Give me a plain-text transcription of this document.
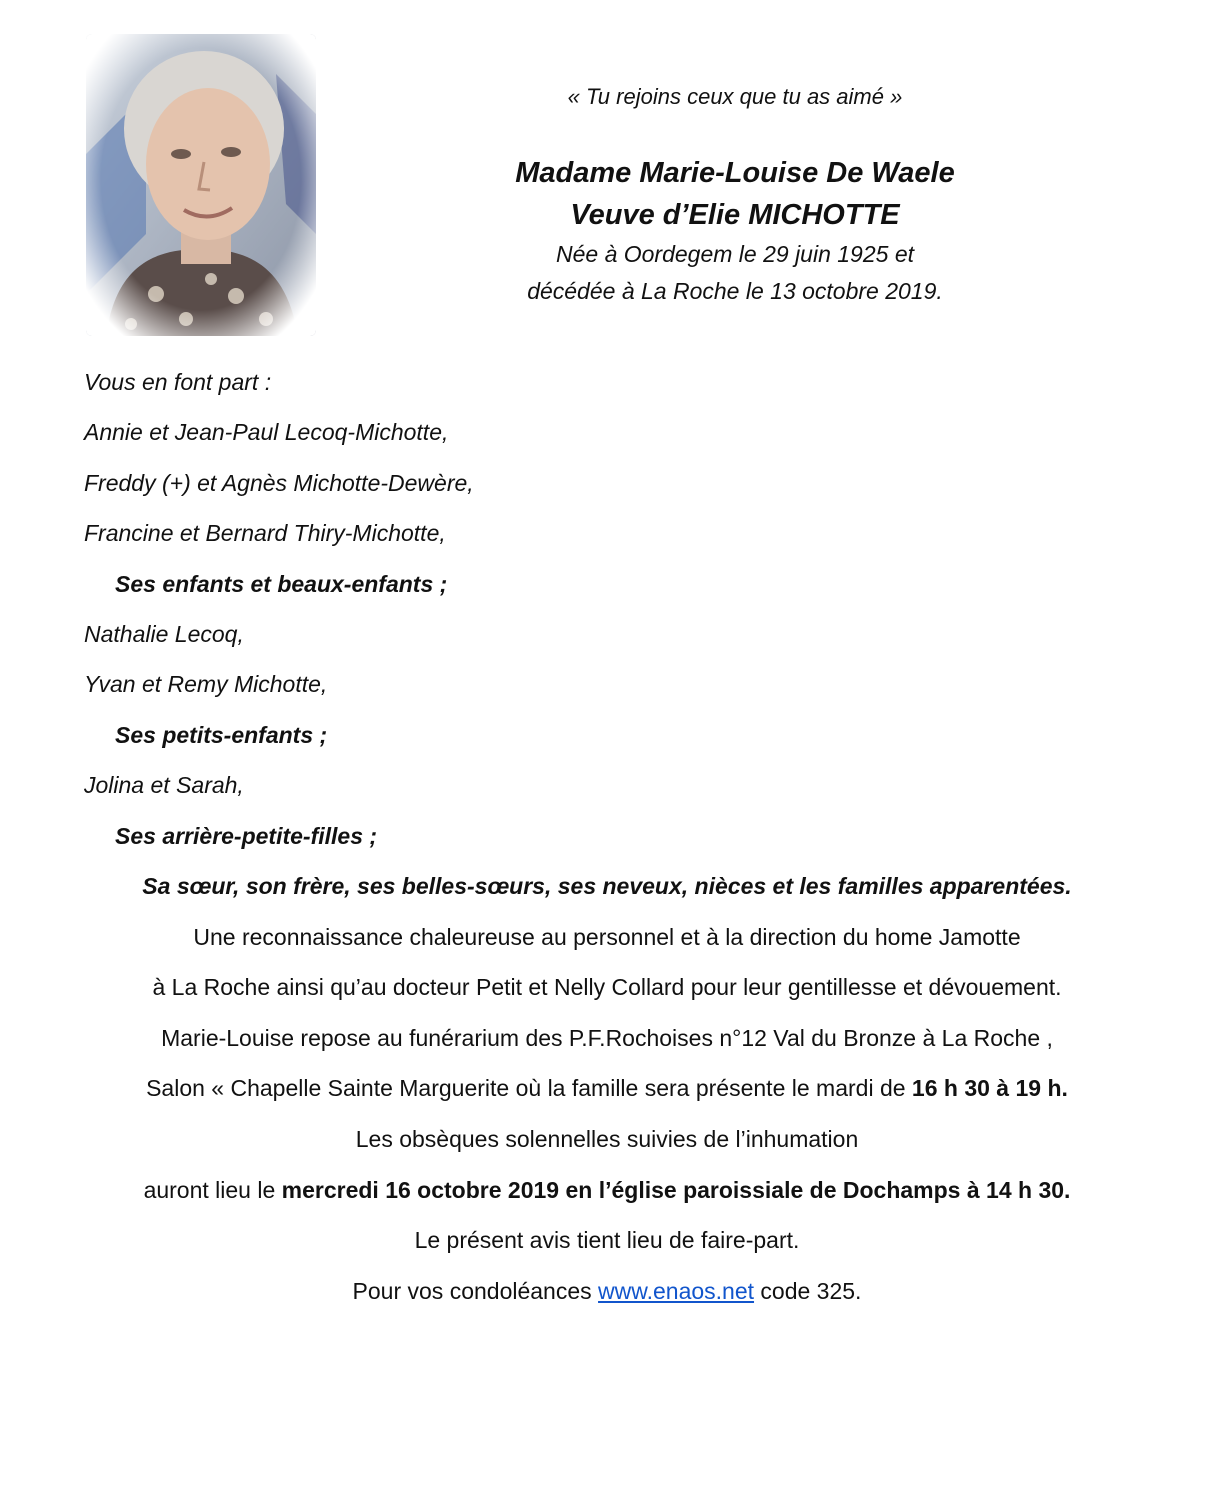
« Tu rejoins ceux que tu as aimé »
Madame Marie-Louise De Waele
Veuve d’Elie MICHOTTE
Née à Oordegem le 29 juin 1925 et
décédée à La Roche le 13 octobre 2019.
Vous en font part :
Annie et Jean-Paul Lecoq-Michotte,
Freddy (+) et Agnès Michotte-Dewère,
Francine et Bernard Thiry-Michotte,
Ses enfants et beaux-enfants ;
Nathalie Lecoq,
Yvan et Remy Michotte,
Ses petits-enfants ;
Jolina et Sarah,
Ses arrière-petite-filles ;
Sa sœur, son frère, ses belles-sœurs, ses neveux, nièces et les familles apparentées.
Une reconnaissance chaleureuse au personnel et à la direction du home Jamotte
à La Roche ainsi qu’au docteur Petit et Nelly Collard pour leur gentillesse et dévouement.
Marie-Louise repose au funérarium des P.F.Rochoises n°12 Val du Bronze à La Roche ,
Salon « Chapelle Sainte Marguerite où la famille sera présente le mardi de 16 h 30 à 19 h.
Les obsèques solennelles suivies de l’inhumation
auront lieu le mercredi 16 octobre 2019 en l’église paroissiale de Dochamps à 14 h 30.
Le présent avis tient lieu de faire-part.
Pour vos condoléances www.enaos.net code 325.
